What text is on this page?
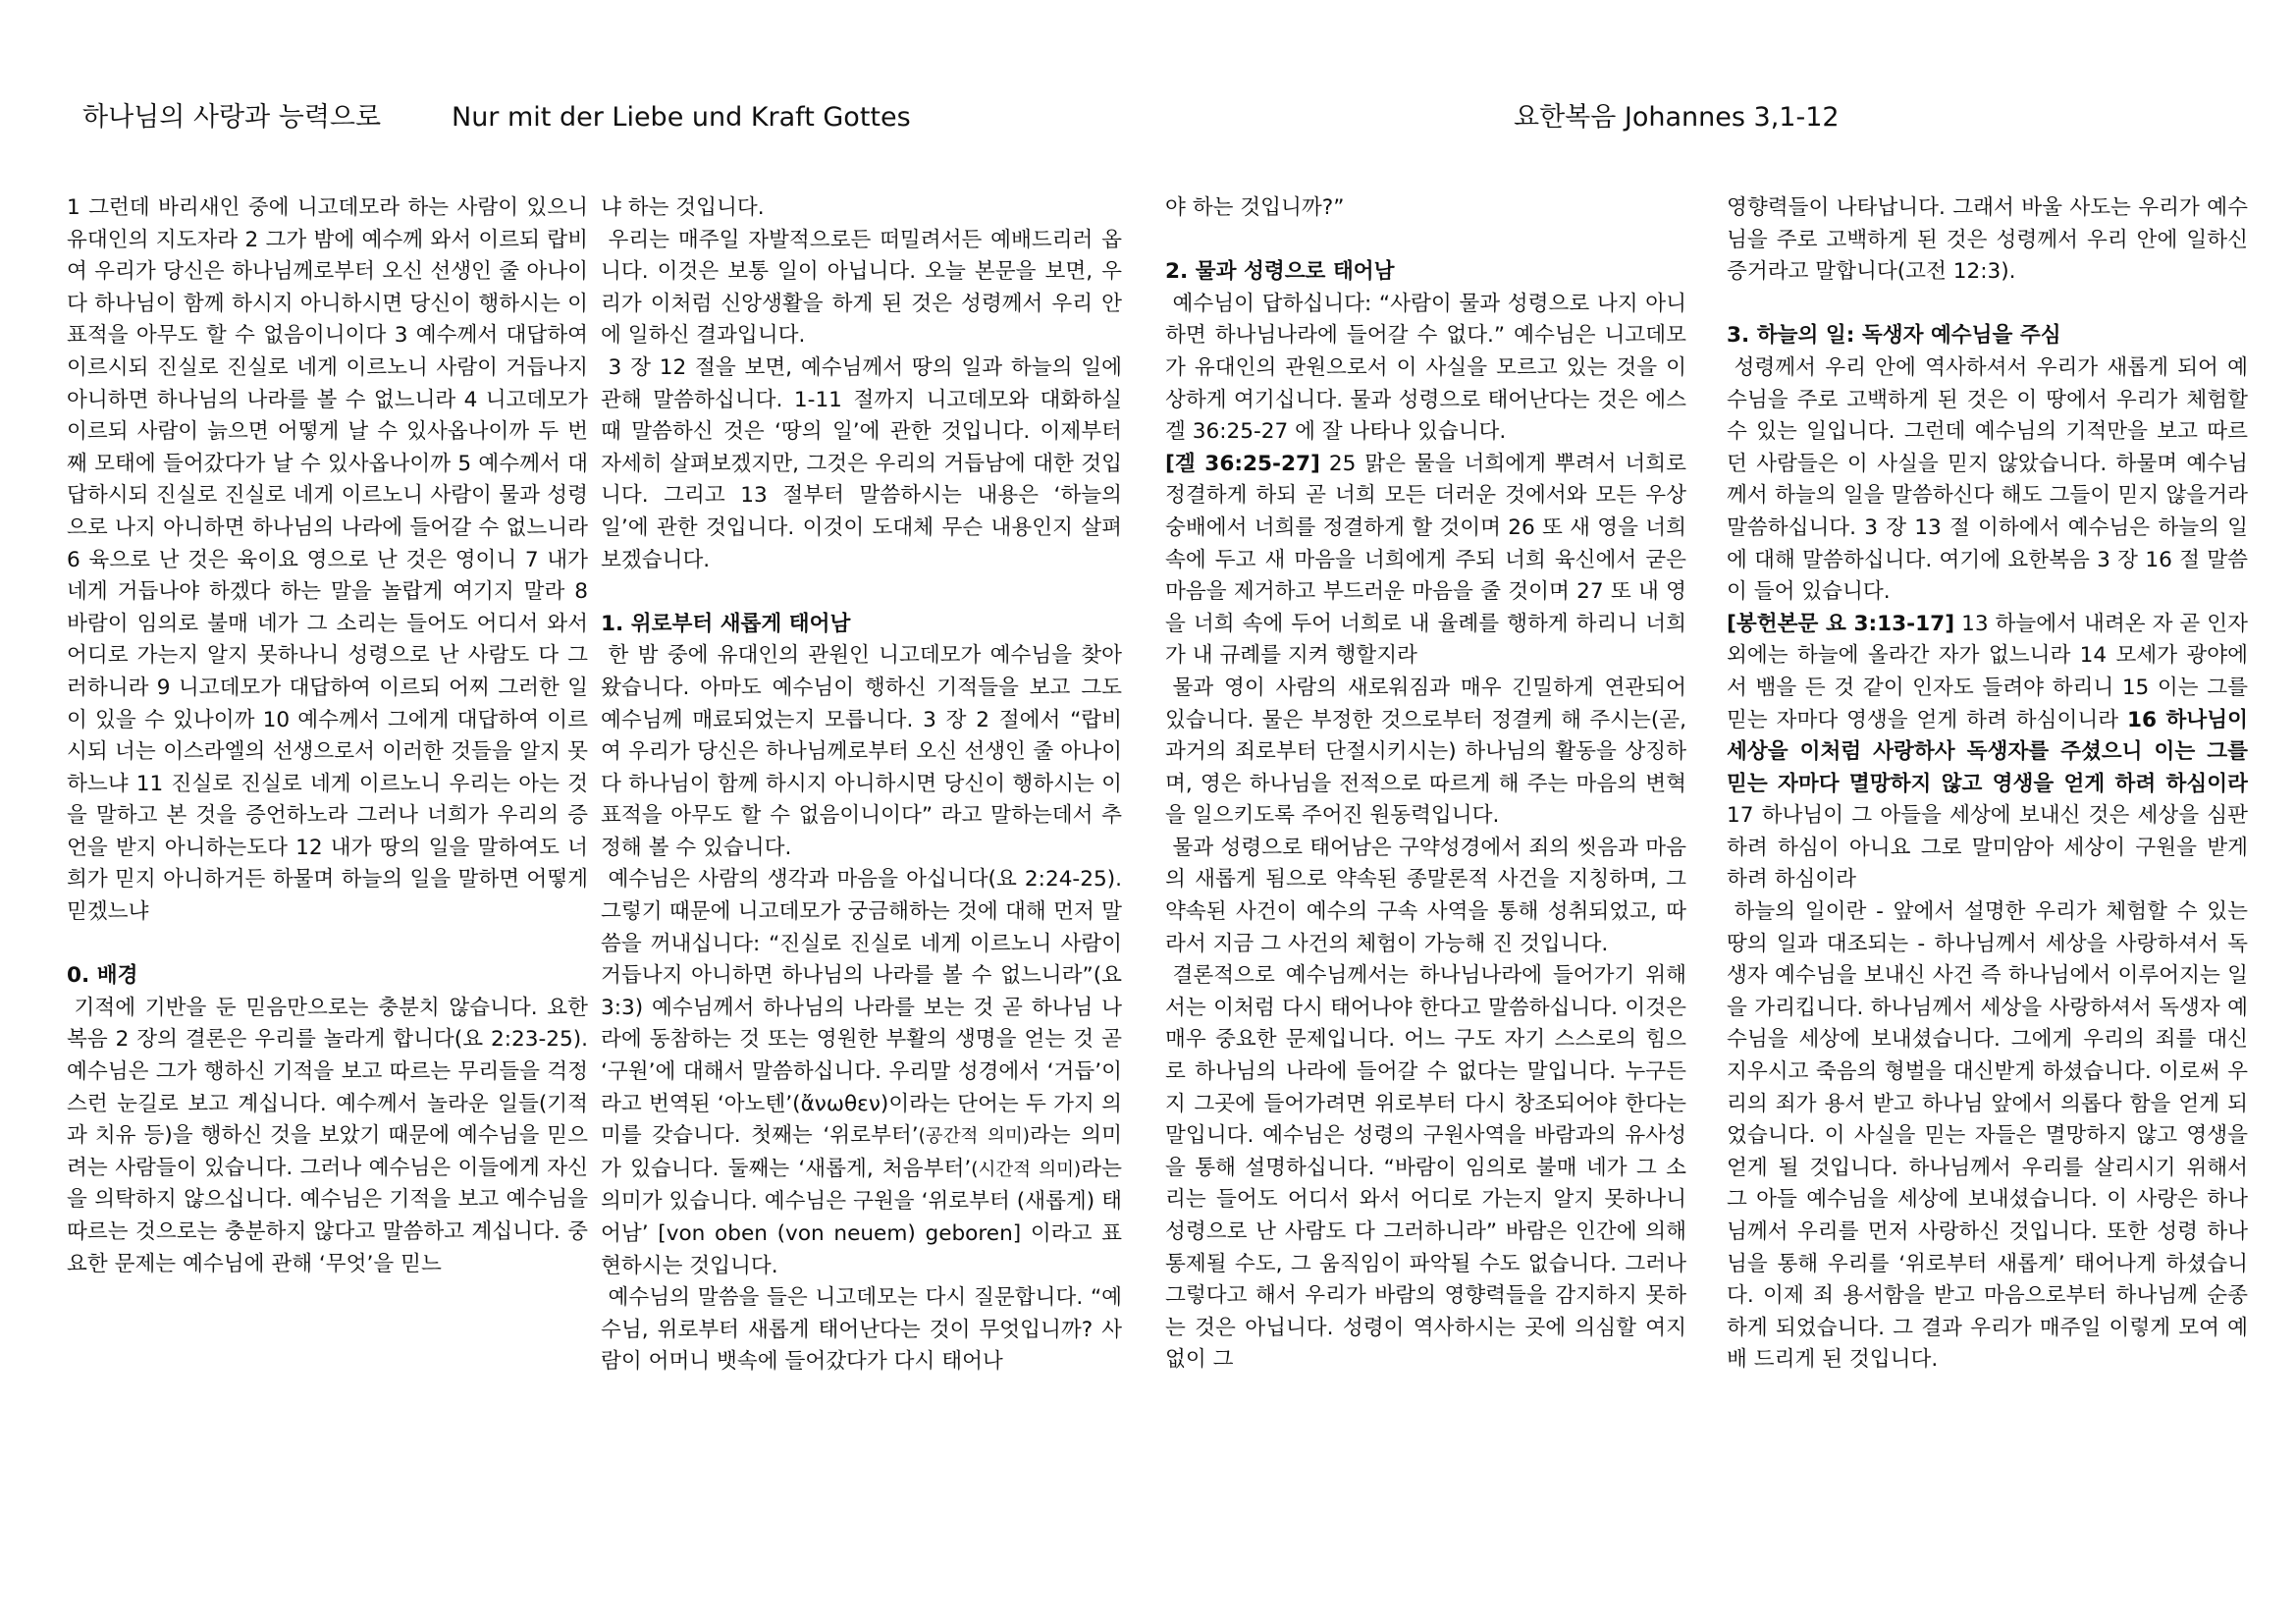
하나님의 사랑과 능력으로	Nur mit der Liebe und Kraft Gottes	요한복음 Johannes 3,1-12

1 그런데 바리새인 중에 니고데모라 하는 사람이 있으니 유대인의 지도자라 2 그가 밤에 예수께 와서 이르되 랍비여 우리가 당신은 하나님께로부터 오신 선생인 줄 아나이다 하나님이 함께 하시지 아니하시면 당신이 행하시는 이 표적을 아무도 할 수 없음이니이다 3 예수께서 대답하여 이르시되 진실로 진실로 네게 이르노니 사람이 거듭나지 아니하면 하나님의 나라를 볼 수 없느니라 4 니고데모가 이르되 사람이 늙으면 어떻게 날 수 있사옵나이까 두 번째 모태에 들어갔다가 날 수 있사옵나이까 5 예수께서 대답하시되 진실로 진실로 네게 이르노니 사람이 물과 성령으로 나지 아니하면 하나님의 나라에 들어갈 수 없느니라 6 육으로 난 것은 육이요 영으로 난 것은 영이니 7 내가 네게 거듭나야 하겠다 하는 말을 놀랍게 여기지 말라 8 바람이 임의로 불매 네가 그 소리는 들어도 어디서 와서 어디로 가는지 알지 못하나니 성령으로 난 사람도 다 그러하니라 9 니고데모가 대답하여 이르되 어찌 그러한 일이 있을 수 있나이까 10 예수께서 그에게 대답하여 이르시되 너는 이스라엘의 선생으로서 이러한 것들을 알지 못하느냐 11 진실로 진실로 네게 이르노니 우리는 아는 것을 말하고 본 것을 증언하노라 그러나 너희가 우리의 증언을 받지 아니하는도다 12 내가 땅의 일을 말하여도 너희가 믿지 아니하거든 하물며 하늘의 일을 말하면 어떻게 믿겠느냐

0. 배경

기적에 기반을 둔 믿음만으로는 충분치 않습니다. 요한복음 2 장의 결론은 우리를 놀라게 합니다(요 2:23-25). 예수님은 그가 행하신 기적을 보고 따르는 무리들을 걱정스런 눈길로 보고 계십니다. 예수께서 놀라운 일들(기적과 치유 등)을 행하신 것을 보았기 때문에 예수님을 믿으려는 사람들이 있습니다. 그러나 예수님은 이들에게 자신을 의탁하지 않으십니다. 예수님은 기적을 보고 예수님을 따르는 것으로는 충분하지 않다고 말씀하고 계십니다. 중요한 문제는 예수님에 관해 ‘무엇’을 믿느

냐 하는 것입니다.

우리는 매주일 자발적으로든 떠밀려서든 예배드리러 옵니다. 이것은 보통 일이 아닙니다. 오늘 본문을 보면, 우리가 이처럼 신앙생활을 하게 된 것은 성령께서 우리 안에 일하신 결과입니다.

3 장 12 절을 보면, 예수님께서 땅의 일과 하늘의 일에 관해 말씀하십니다. 1-11 절까지 니고데모와 대화하실 때 말씀하신 것은 ‘땅의 일’에 관한 것입니다. 이제부터 자세히 살펴보겠지만, 그것은 우리의 거듭남에 대한 것입니다. 그리고 13 절부터 말씀하시는 내용은 ‘하늘의 일’에 관한 것입니다. 이것이 도대체 무슨 내용인지 살펴보겠습니다.

1. 위로부터 새롭게 태어남

한 밤 중에 유대인의 관원인 니고데모가 예수님을 찾아 왔습니다. 아마도 예수님이 행하신 기적들을 보고 그도 예수님께 매료되었는지 모릅니다. 3 장 2 절에서 “랍비여 우리가 당신은 하나님께로부터 오신 선생인 줄 아나이다 하나님이 함께 하시지 아니하시면 당신이 행하시는 이 표적을 아무도 할 수 없음이니이다” 라고 말하는데서 추정해 볼 수 있습니다.

예수님은 사람의 생각과 마음을 아십니다(요 2:24-25). 그렇기 때문에 니고데모가 궁금해하는 것에 대해 먼저 말씀을 꺼내십니다: “진실로 진실로 네게 이르노니 사람이 거듭나지 아니하면 하나님의 나라를 볼 수 없느니라”(요 3:3) 예수님께서 하나님의 나라를 보는 것 곧 하나님 나라에 동참하는 것 또는 영원한 부활의 생명을 얻는 것 곧 ‘구원’에 대해서 말씀하십니다. 우리말 성경에서 ‘거듭’이라고 번역된 ‘아노텐’(ἄνωθεν)이라는 단어는 두 가지 의미를 갖습니다. 첫째는 ‘위로부터’(공간적 의미)라는 의미가 있습니다. 둘째는 ‘새롭게, 처음부터’(시간적 의미)라는 의미가 있습니다. 예수님은 구원을 ‘위로부터 (새롭게) 태어남’ [von oben (von neuem) geboren] 이라고 표현하시는 것입니다.

예수님의 말씀을 들은 니고데모는 다시 질문합니다. “예수님, 위로부터 새롭게 태어난다는 것이 무엇입니까? 사람이 어머니 뱃속에 들어갔다가 다시 태어나

야 하는 것입니까?”

2. 물과 성령으로 태어남

예수님이 답하십니다: “사람이 물과 성령으로 나지 아니하면 하나님나라에 들어갈 수 없다.” 예수님은 니고데모가 유대인의 관원으로서 이 사실을 모르고 있는 것을 이상하게 여기십니다. 물과 성령으로 태어난다는 것은 에스겔 36:25-27 에 잘 나타나 있습니다.

[겔 36:25-27] 25 맑은 물을 너희에게 뿌려서 너희로 정결하게 하되 곧 너희 모든 더러운 것에서와 모든 우상 숭배에서 너희를 정결하게 할 것이며 26 또 새 영을 너희 속에 두고 새 마음을 너희에게 주되 너희 육신에서 굳은 마음을 제거하고 부드러운 마음을 줄 것이며 27 또 내 영을 너희 속에 두어 너희로 내 율례를 행하게 하리니 너희가 내 규례를 지켜 행할지라

물과 영이 사람의 새로워짐과 매우 긴밀하게 연관되어 있습니다. 물은 부정한 것으로부터 정결케 해 주시는(곧, 과거의 죄로부터 단절시키시는) 하나님의 활동을 상징하며, 영은 하나님을 전적으로 따르게 해 주는 마음의 변혁을 일으키도록 주어진 원동력입니다.

물과 성령으로 태어남은 구약성경에서 죄의 씻음과 마음의 새롭게 됨으로 약속된 종말론적 사건을 지칭하며, 그 약속된 사건이 예수의 구속 사역을 통해 성취되었고, 따라서 지금 그 사건의 체험이 가능해 진 것입니다.

결론적으로 예수님께서는 하나님나라에 들어가기 위해서는 이처럼 다시 태어나야 한다고 말씀하십니다. 이것은 매우 중요한 문제입니다. 어느 구도 자기 스스로의 힘으로 하나님의 나라에 들어갈 수 없다는 말입니다. 누구든지 그곳에 들어가려면 위로부터 다시 창조되어야 한다는 말입니다. 예수님은 성령의 구원사역을 바람과의 유사성을 통해 설명하십니다. “바람이 임의로 불매 네가 그 소리는 들어도 어디서 와서 어디로 가는지 알지 못하나니 성령으로 난 사람도 다 그러하니라” 바람은 인간에 의해 통제될 수도, 그 움직임이 파악될 수도 없습니다. 그러나 그렇다고 해서 우리가 바람의 영향력들을 감지하지 못하는 것은 아닙니다. 성령이 역사하시는 곳에 의심할 여지없이 그

영향력들이 나타납니다. 그래서 바울 사도는 우리가 예수님을 주로 고백하게 된 것은 성령께서 우리 안에 일하신 증거라고 말합니다(고전 12:3).

3. 하늘의 일: 독생자 예수님을 주심

성령께서 우리 안에 역사하셔서 우리가 새롭게 되어 예수님을 주로 고백하게 된 것은 이 땅에서 우리가 체험할 수 있는 일입니다. 그런데 예수님의 기적만을 보고 따르던 사람들은 이 사실을 믿지 않았습니다. 하물며 예수님께서 하늘의 일을 말씀하신다 해도 그들이 믿지 않을거라 말씀하십니다. 3 장 13 절 이하에서 예수님은 하늘의 일에 대해 말씀하십니다. 여기에 요한복음 3 장 16 절 말씀이 들어 있습니다.

[봉헌본문 요 3:13-17] 13 하늘에서 내려온 자 곧 인자 외에는 하늘에 올라간 자가 없느니라 14 모세가 광야에서 뱀을 든 것 같이 인자도 들려야 하리니 15 이는 그를 믿는 자마다 영생을 얻게 하려 하심이니라 16 하나님이 세상을 이처럼 사랑하사 독생자를 주셨으니 이는 그를 믿는 자마다 멸망하지 않고 영생을 얻게 하려 하심이라 17 하나님이 그 아들을 세상에 보내신 것은 세상을 심판하려 하심이 아니요 그로 말미암아 세상이 구원을 받게 하려 하심이라

하늘의 일이란 - 앞에서 설명한 우리가 체험할 수 있는 땅의 일과 대조되는 - 하나님께서 세상을 사랑하셔서 독생자 예수님을 보내신 사건 즉 하나님에서 이루어지는 일을 가리킵니다. 하나님께서 세상을 사랑하셔서 독생자 예수님을 세상에 보내셨습니다. 그에게 우리의 죄를 대신 지우시고 죽음의 형벌을 대신받게 하셨습니다. 이로써 우리의 죄가 용서 받고 하나님 앞에서 의롭다 함을 얻게 되었습니다. 이 사실을 믿는 자들은 멸망하지 않고 영생을 얻게 될 것입니다. 하나님께서 우리를 살리시기 위해서 그 아들 예수님을 세상에 보내셨습니다. 이 사랑은 하나님께서 우리를 먼저 사랑하신 것입니다. 또한 성령 하나님을 통해 우리를 ‘위로부터 새롭게’ 태어나게 하셨습니다. 이제 죄 용서함을 받고 마음으로부터 하나님께 순종하게 되었습니다. 그 결과 우리가 매주일 이렇게 모여 예배 드리게 된 것입니다.
